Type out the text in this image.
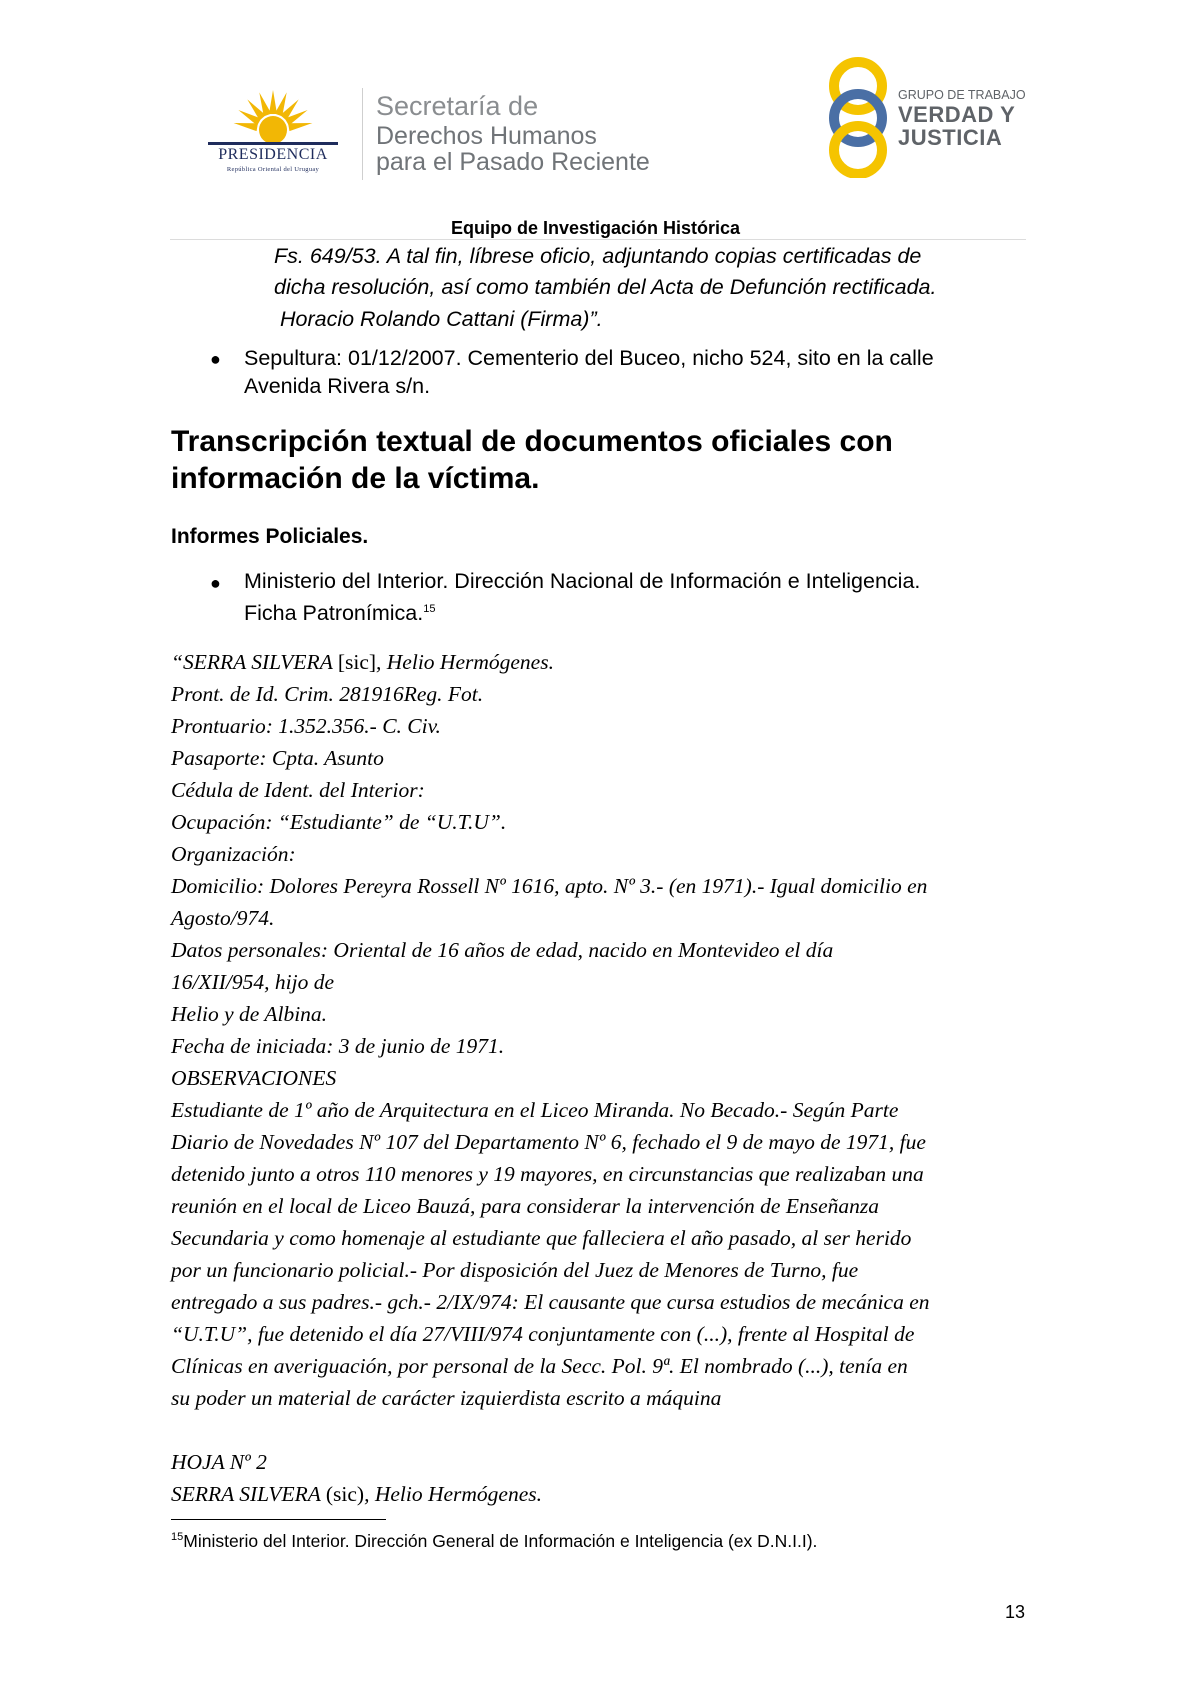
PRESIDENCIA
República Oriental del Uruguay
Secretaría de
Derechos Humanos
para el Pasado Reciente
GRUPO DE TRABAJO
VERDAD Y
JUSTICIA
Equipo de Investigación Histórica
Fs. 649/53. A tal fin, líbrese oficio, adjuntando copias certificadas de
dicha resolución, así como también del Acta de Defunción rectificada.
Horacio Rolando Cattani (Firma)”.
● Sepultura: 01/12/2007. Cementerio del Buceo, nicho 524, sito en la calle
Avenida Rivera s/n.
Transcripción textual de documentos oficiales con
información de la víctima.
Informes Policiales.
● Ministerio del Interior. Dirección Nacional de Información e Inteligencia.
Ficha Patronímica.$^{15}$
“SERRA SILVERA [sic], Helio Hermógenes.
Pront. de Id. Crim. 281916Reg. Fot.
Prontuario: 1.352.356.- C. Civ.
Pasaporte: Cpta. Asunto
Cédula de Ident. del Interior:
Ocupación: “Estudiante” de “U.T.U”.
Organización:
Domicilio: Dolores Pereyra Rossell Nº 1616, apto. Nº 3.- (en 1971).- Igual domicilio en
Agosto/974.
Datos personales: Oriental de 16 años de edad, nacido en Montevideo el día
16/XII/954, hijo de
Helio y de Albina.
Fecha de iniciada: 3 de junio de 1971.
OBSERVACIONES
Estudiante de 1º año de Arquitectura en el Liceo Miranda. No Becado.- Según Parte
Diario de Novedades Nº 107 del Departamento Nº 6, fechado el 9 de mayo de 1971, fue
detenido junto a otros 110 menores y 19 mayores, en circunstancias que realizaban una
reunión en el local de Liceo Bauzá, para considerar la intervención de Enseñanza
Secundaria y como homenaje al estudiante que falleciera el año pasado, al ser herido
por un funcionario policial.- Por disposición del Juez de Menores de Turno, fue
entregado a sus padres.- gch.- 2/IX/974: El causante que cursa estudios de mecánica en
“U.T.U”, fue detenido el día 27/VIII/974 conjuntamente con (...), frente al Hospital de
Clínicas en averiguación, por personal de la Secc. Pol. 9ª. El nombrado (...), tenía en
su poder un material de carácter izquierdista escrito a máquina
HOJA Nº 2
SERRA SILVERA (sic), Helio Hermógenes.
$^{15}$Ministerio del Interior. Dirección General de Información e Inteligencia (ex D.N.I.I).
13
